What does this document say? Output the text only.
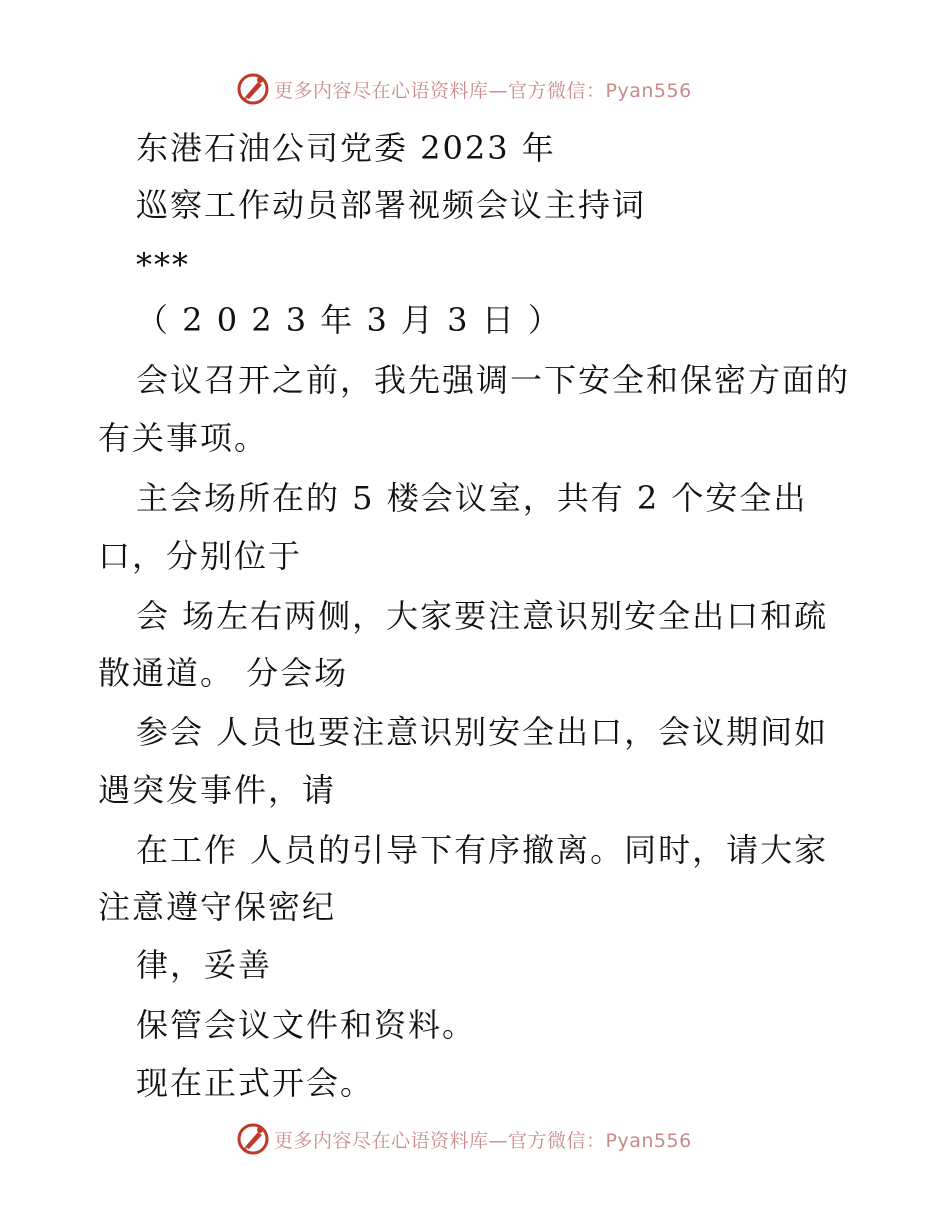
更多内容尽在心语资料库—官方微信：Pyan556
东港石油公司党委 2023 年
巡察工作动员部署视频会议主持词
***
（ 2 0 2 3 年 3 月 3 日 ）
会议召开之前，我先强调一下安全和保密方面的
有关事项。
主会场所在的 5 楼会议室，共有 2 个安全出
口，分别位于
会 场左右两侧，大家要注意识别安全出口和疏
散通道。 分会场
参会 人员也要注意识别安全出口，会议期间如
遇突发事件，请
在工作 人员的引导下有序撤离。同时，请大家
注意遵守保密纪
律，妥善
保管会议文件和资料。
现在正式开会。
更多内容尽在心语资料库—官方微信：Pyan556
